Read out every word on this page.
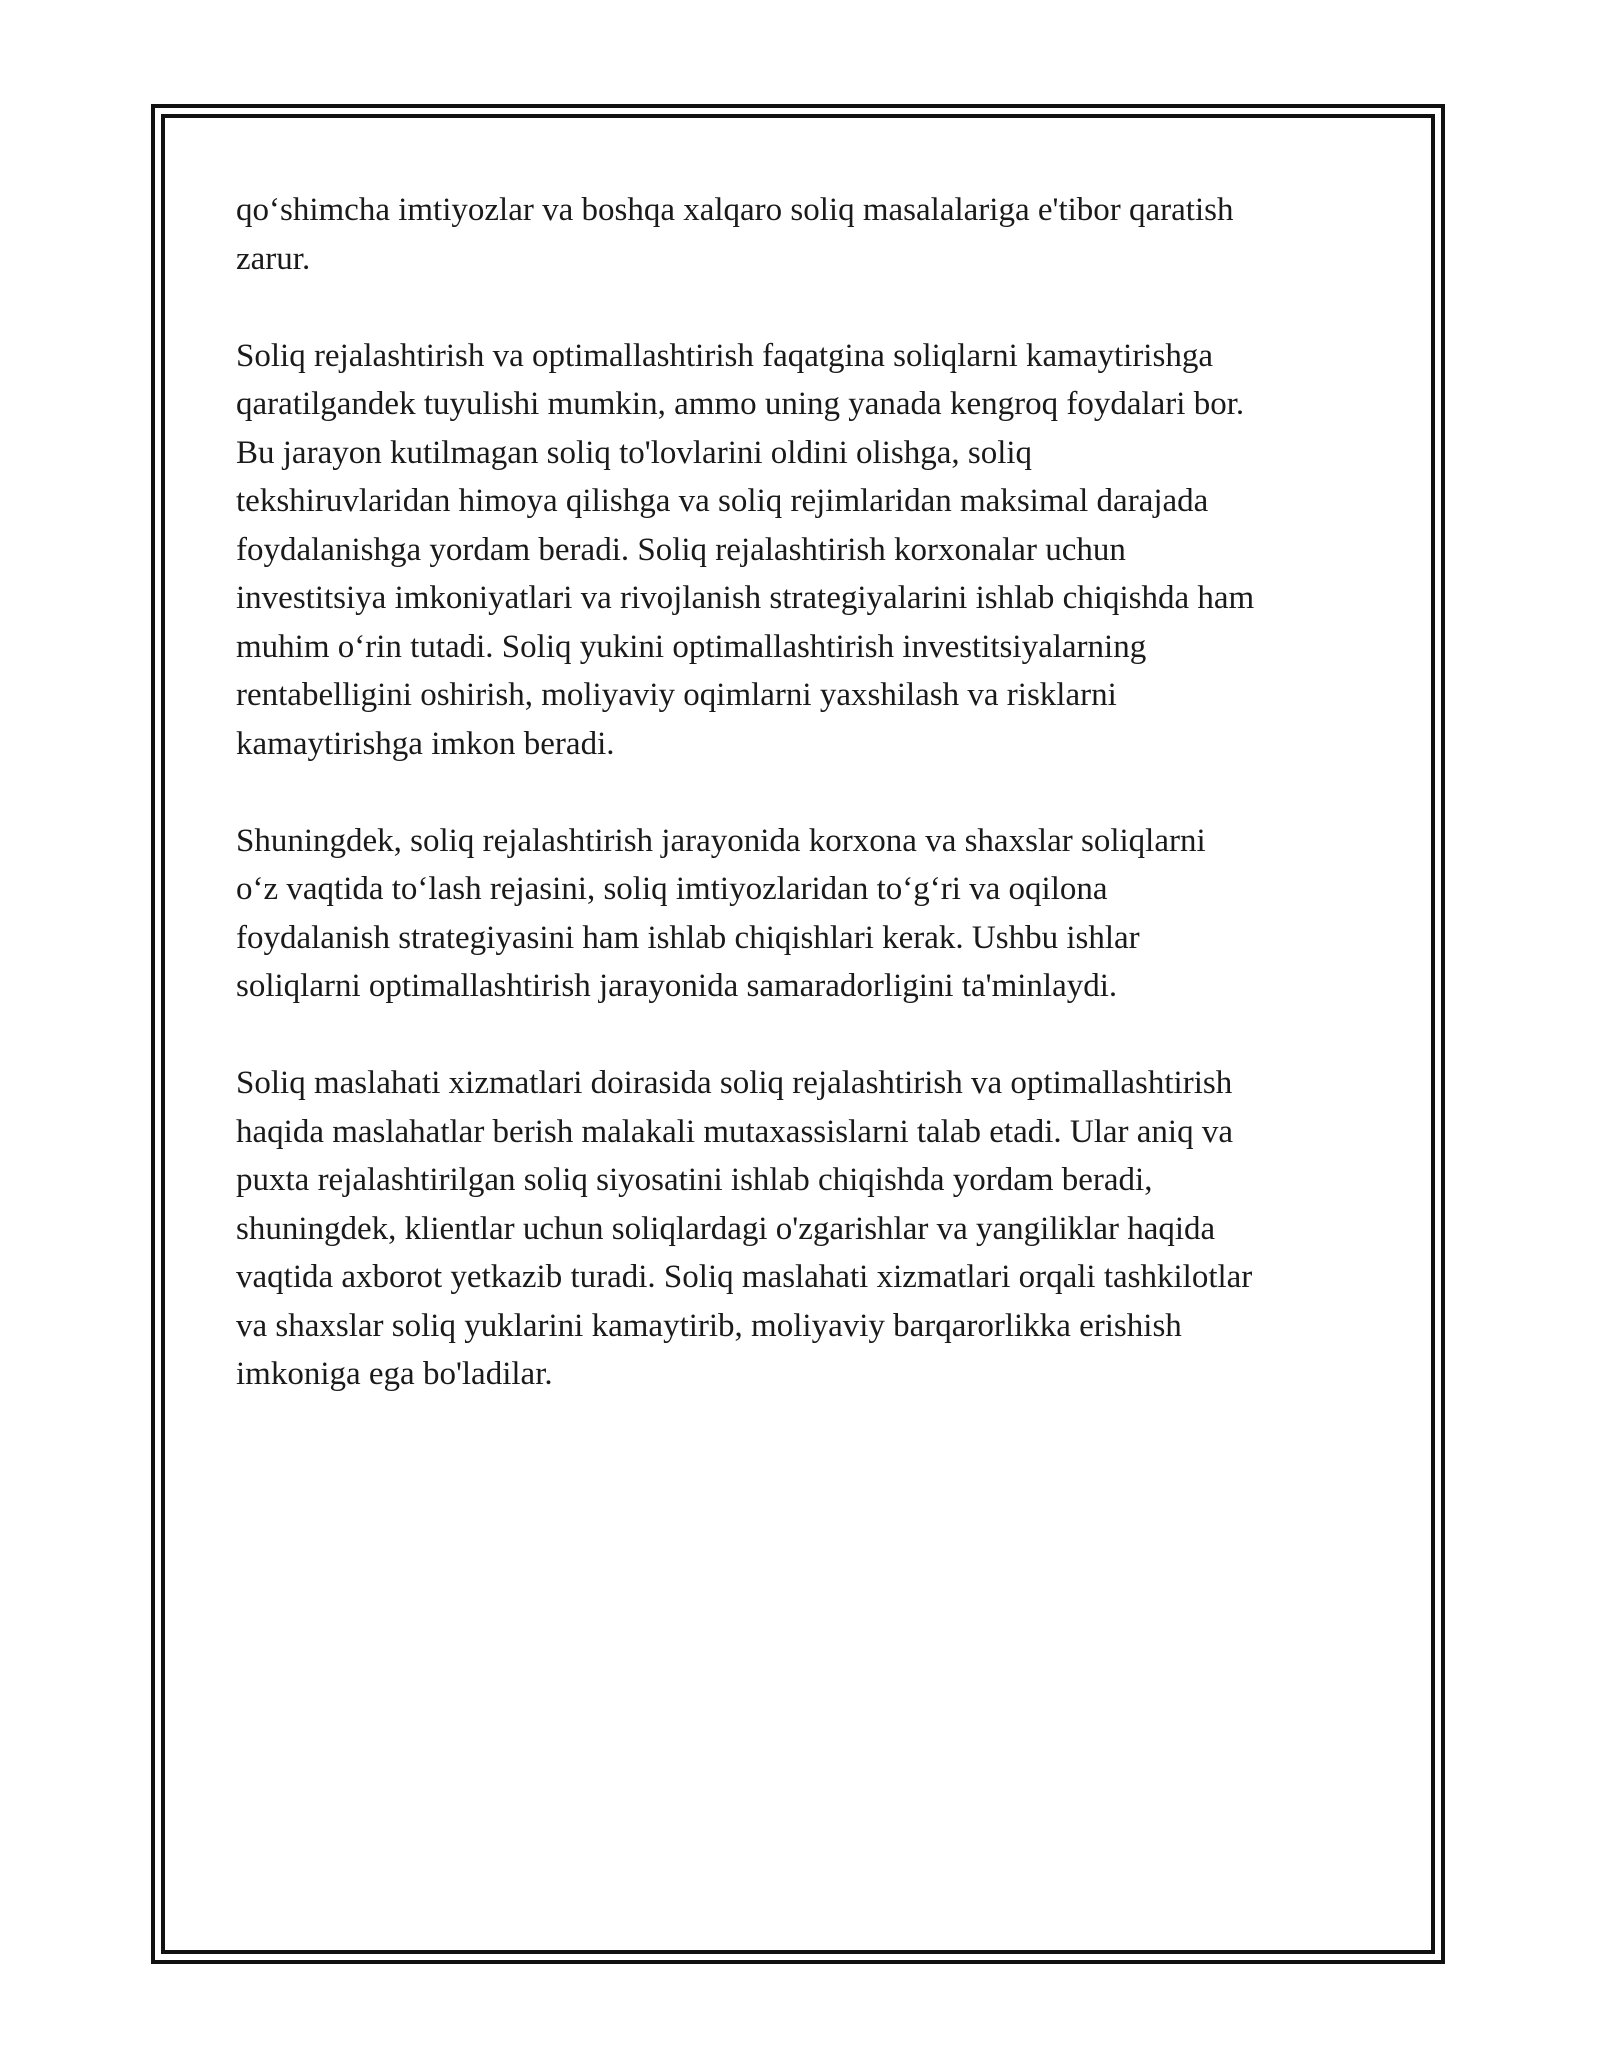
qo‘shimcha imtiyozlar va boshqa xalqaro soliq masalalariga e'tibor qaratish
zarur.

Soliq rejalashtirish va optimallashtirish faqatgina soliqlarni kamaytirishga
qaratilgandek tuyulishi mumkin, ammo uning yanada kengroq foydalari bor.
Bu jarayon kutilmagan soliq to'lovlarini oldini olishga, soliq
tekshiruvlaridan himoya qilishga va soliq rejimlaridan maksimal darajada
foydalanishga yordam beradi. Soliq rejalashtirish korxonalar uchun
investitsiya imkoniyatlari va rivojlanish strategiyalarini ishlab chiqishda ham
muhim o‘rin tutadi. Soliq yukini optimallashtirish investitsiyalarning
rentabelligini oshirish, moliyaviy oqimlarni yaxshilash va risklarni
kamaytirishga imkon beradi.

Shuningdek, soliq rejalashtirish jarayonida korxona va shaxslar soliqlarni
o‘z vaqtida to‘lash rejasini, soliq imtiyozlaridan to‘g‘ri va oqilona
foydalanish strategiyasini ham ishlab chiqishlari kerak. Ushbu ishlar
soliqlarni optimallashtirish jarayonida samaradorligini ta'minlaydi.

Soliq maslahati xizmatlari doirasida soliq rejalashtirish va optimallashtirish
haqida maslahatlar berish malakali mutaxassislarni talab etadi. Ular aniq va
puxta rejalashtirilgan soliq siyosatini ishlab chiqishda yordam beradi,
shuningdek, klientlar uchun soliqlardagi o'zgarishlar va yangiliklar haqida
vaqtida axborot yetkazib turadi. Soliq maslahati xizmatlari orqali tashkilotlar
va shaxslar soliq yuklarini kamaytirib, moliyaviy barqarorlikka erishish
imkoniga ega bo'ladilar.
